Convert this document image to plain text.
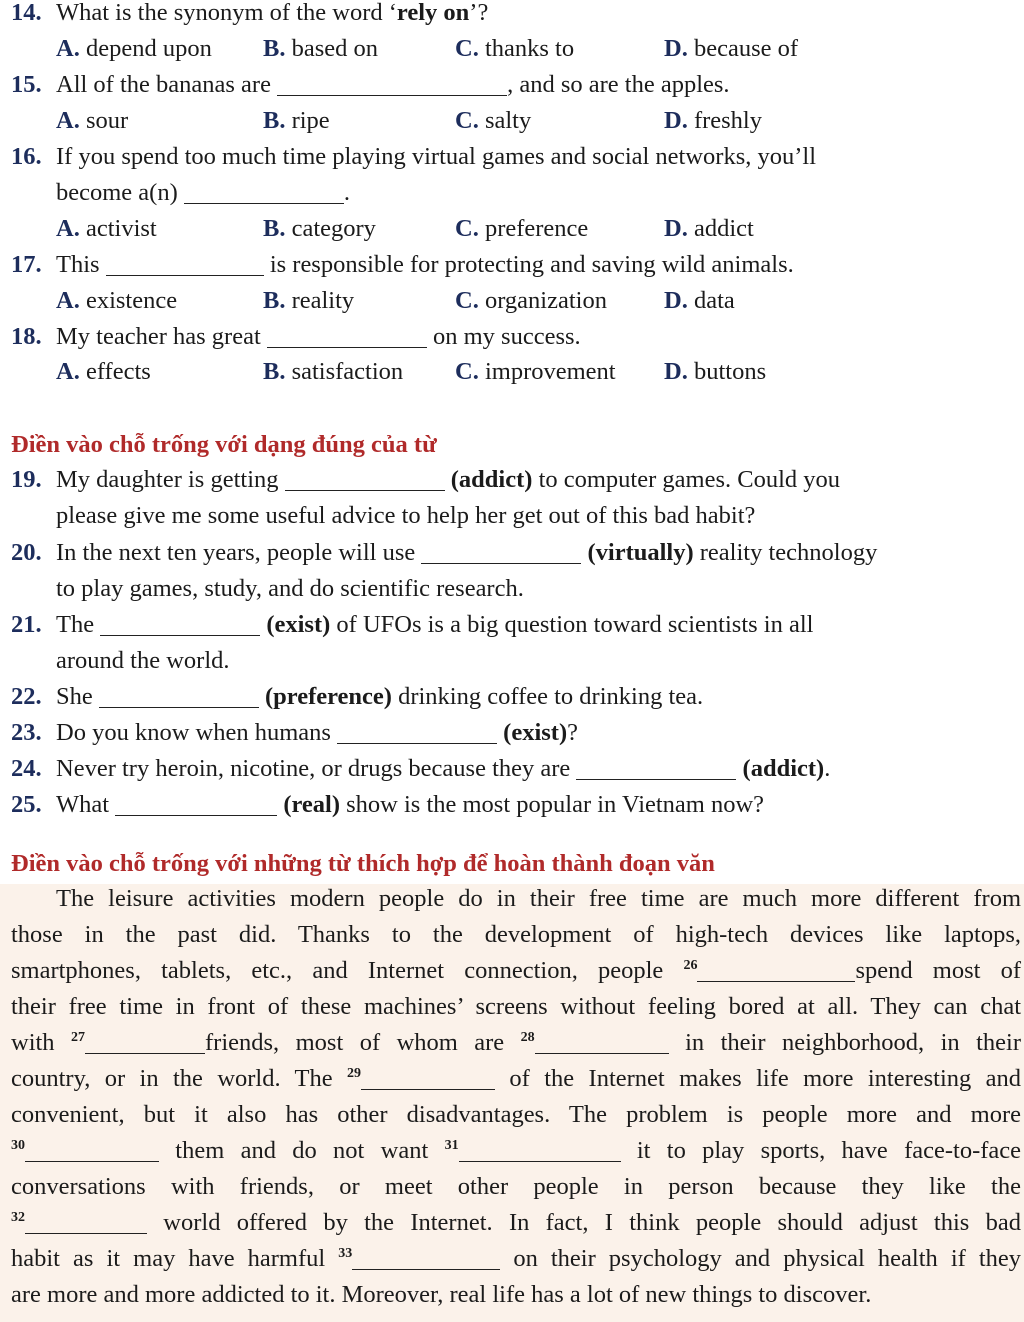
14. What is the synonym of the word ‘rely on’?
A. depend upon B. based on	C. thanks to	D. because of
15. All of the bananas are	, and so are the apples.
A. sour	B. ripe	C. salty	D. freshly
16. If you spend too much time playing virtual games and social networks, you’ll
become a(n)	.
A. activist	B. category	C. preference	D. addict
17. This	is responsible for protecting and saving wild animals.
A. existence	B. reality	C. organization D. data
18. My teacher has great	on my success.
A. effects	B. satisfaction C. improvement D. buttons
Điền vào chỗ trống với dạng đúng của từ
19. My daughter is getting	(addict) to computer games. Could you
please give me some useful advice to help her get out of this bad habit?
20. In the next ten years, people will use	(virtually) reality technology
to play games, study, and do scientific research.
21. The	(exist) of UFOs is a big question toward scientists in all
around the world.
22. She	(preference) drinking coffee to drinking tea.
23. Do you know when humans	(exist)?
24. Never try heroin, nicotine, or drugs because they are	(addict).
25. What	(real) show is the most popular in Vietnam now?
Điền vào chỗ trống với những từ thích hợp để hoàn thành đoạn văn
The leisure activities modern people do in their free time are much more different from
those in the past did. Thanks to the development of high-tech devices like laptops,
smartphones, tablets, etc., and Internet connection, people $^{26}$	spend most of
their free time in front of these machines’ screens without feeling bored at all. They can chat
with $^{27}$	friends, most of whom are $^{28}$	in their neighborhood, in their
country, or in the world. The $^{29}$	of the Internet makes life more interesting and
convenient, but it also has other disadvantages. The problem is people more and more
$^{30}$	them and do not want $^{31}$	it to play sports, have face-to-face
conversations with friends, or meet other people in person because they like the
$^{32}$	world offered by the Internet. In fact, I think people should adjust this bad
habit as it may have harmful $^{33}$	on their psychology and physical health if they
are more and more addicted to it. Moreover, real life has a lot of new things to discover.
